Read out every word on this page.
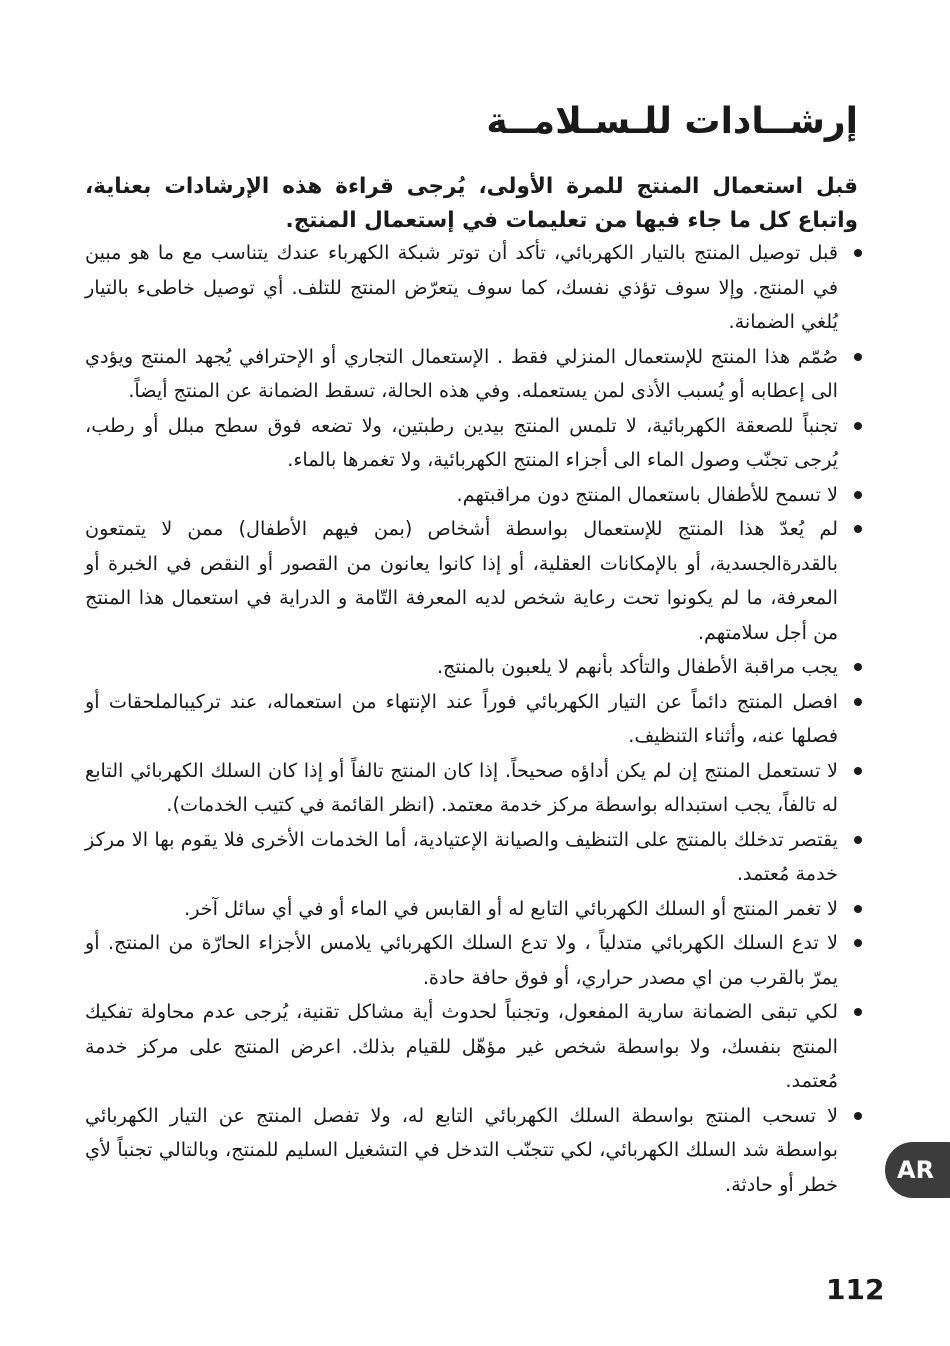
إرشــادات للـسـلامــة

قبل استعمال المنتج للمرة الأولى، يُرجى قراءة هذه الإرشادات بعناية، واتباع كل ما جاء فيها من تعليمات في إستعمال المنتج.

قبل توصيل المنتج بالتيار الكهربائي، تأكد أن توتر شبكة الكهرباء عندك يتناسب مع ما هو مبين في المنتج. وإلا سوف تؤذي نفسك، كما سوف يتعرّض المنتج للتلف. أي توصيل خاطىء بالتيار يُلغي الضمانة.
صُمّم هذا المنتج للإستعمال المنزلي فقط . الإستعمال التجاري أو الإحترافي يُجهد المنتج ويؤدي الى إعطابه أو يُسبب الأذى لمن يستعمله. وفي هذه الحالة، تسقط الضمانة عن المنتج أيضاً.
تجنباً للصعقة الكهربائية، لا تلمس المنتج بيدين رطبتين، ولا تضعه فوق سطح مبلل أو رطب، يُرجى تجنّب وصول الماء الى أجزاء المنتج الكهربائية، ولا تغمرها بالماء.
لا تسمح للأطفال باستعمال المنتج دون مراقبتهم.
لم يُعدّ هذا المنتج للإستعمال بواسطة أشخاص (بمن فيهم الأطفال) ممن لا يتمتعون بالقدرةالجسدية، أو بالإمكانات العقلية، أو إذا كانوا يعانون من القصور أو النقص في الخبرة أو المعرفة، ما لم يكونوا تحت رعاية شخص لديه المعرفة التّامة و الدراية في استعمال هذا المنتج من أجل سلامتهم.
يجب مراقبة الأطفال والتأكد بأنهم لا يلعبون بالمنتج.
افصل المنتج دائماً عن التيار الكهربائي فوراً عند الإنتهاء من استعماله، عند تركيبالملحقات أو فصلها عنه، وأثناء التنظيف.
لا تستعمل المنتج إن لم يكن أداؤه صحيحاً. إذا كان المنتج تالفاً أو إذا كان السلك الكهربائي التابع له تالفاً، يجب استبداله بواسطة مركز خدمة معتمد. (انظر القائمة في كتيب الخدمات).
يقتصر تدخلك بالمنتج على التنظيف والصيانة الإعتيادية، أما الخدمات الأخرى فلا يقوم بها الا مركز خدمة مُعتمد.
لا تغمر المنتج أو السلك الكهربائي التابع له أو القابس في الماء أو في أي سائل آخر.
لا تدع السلك الكهربائي متدلياً ، ولا تدع السلك الكهربائي يلامس الأجزاء الحارّة من المنتج. أو يمرّ بالقرب من اي مصدر حراري، أو فوق حافة حادة.
لكي تبقى الضمانة سارية المفعول، وتجنباً لحدوث أية مشاكل تقنية، يُرجى عدم محاولة تفكيك المنتج بنفسك، ولا بواسطة شخص غير مؤهّل للقيام بذلك. اعرض المنتج على مركز خدمة مُعتمد.
لا تسحب المنتج بواسطة السلك الكهربائي التابع له، ولا تفصل المنتج عن التيار الكهربائي بواسطة شد السلك الكهربائي، لكي تتجنّب التدخل في التشغيل السليم للمنتج، وبالتالي تجنباً لأي خطر أو حادثة.	AR
112
